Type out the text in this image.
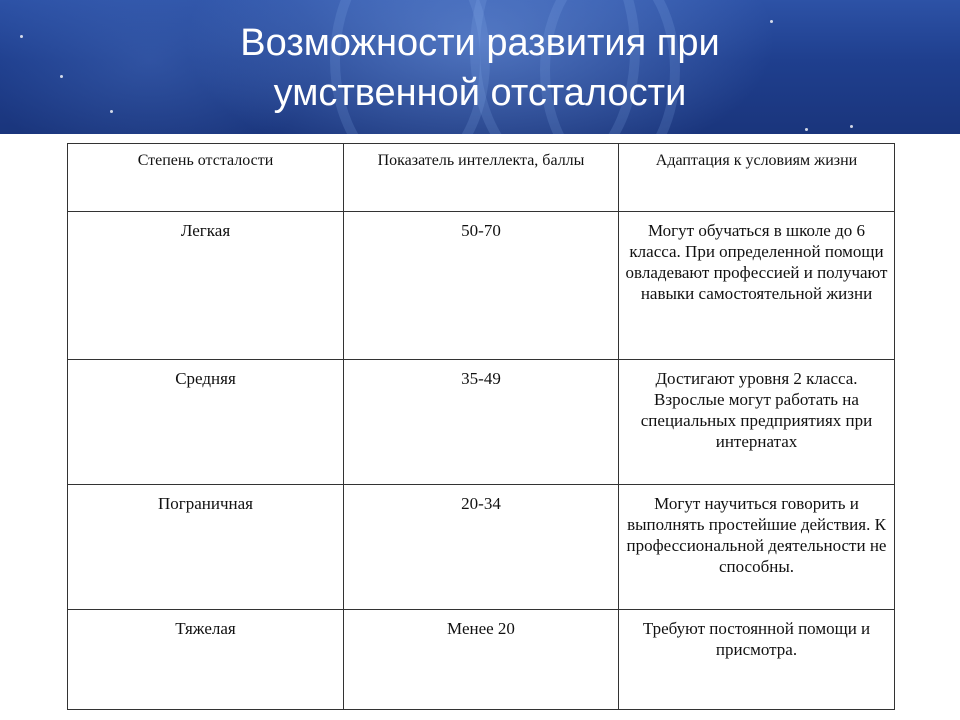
Возможности развития при
умственной отсталости
Степень отсталости	Показатель интеллекта, баллы	Адаптация к условиям жизни
Легкая	50-70	Могут обучаться в школе до 6 класса. При определенной помощи овладевают профессией и получают навыки самостоятельной жизни
Средняя	35-49	Достигают уровня 2 класса. Взрослые могут работать на специальных предприятиях при интернатах
Пограничная	20-34	Могут научиться говорить и выполнять простейшие действия. К профессиональной деятельности не способны.
Тяжелая	Менее 20	Требуют постоянной помощи и присмотра.
